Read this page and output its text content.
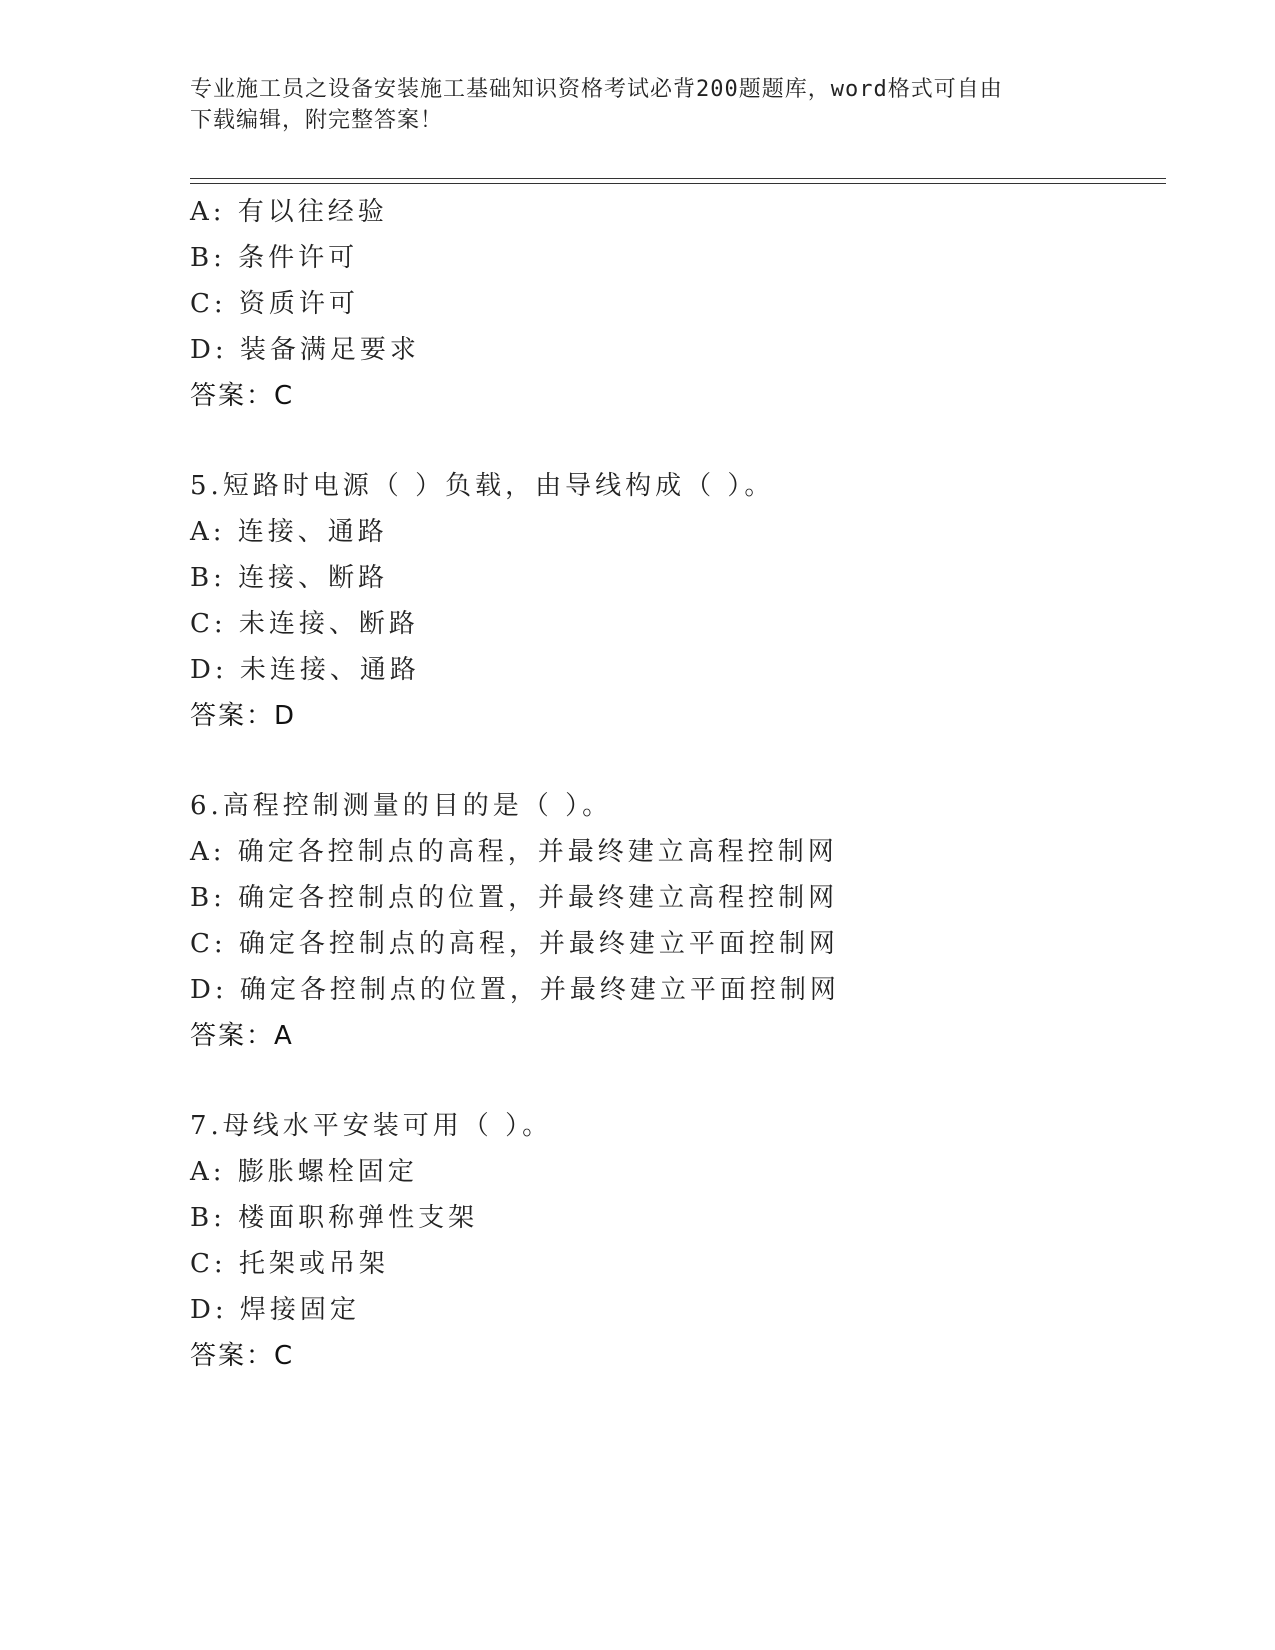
专业施工员之设备安装施工基础知识资格考试必背200题题库，word格式可自由
下载编辑，附完整答案！
A: 有以往经验
B: 条件许可
C: 资质许可
D: 装备满足要求
答案：C
5.短路时电源（ ）负载，由导线构成（ ）。
A: 连接、通路
B: 连接、断路
C: 未连接、断路
D: 未连接、通路
答案：D
6.高程控制测量的目的是（ ）。
A: 确定各控制点的高程，并最终建立高程控制网
B: 确定各控制点的位置，并最终建立高程控制网
C: 确定各控制点的高程，并最终建立平面控制网
D: 确定各控制点的位置，并最终建立平面控制网
答案：A
7.母线水平安装可用（ ）。
A: 膨胀螺栓固定
B: 楼面职称弹性支架
C: 托架或吊架
D: 焊接固定
答案：C
